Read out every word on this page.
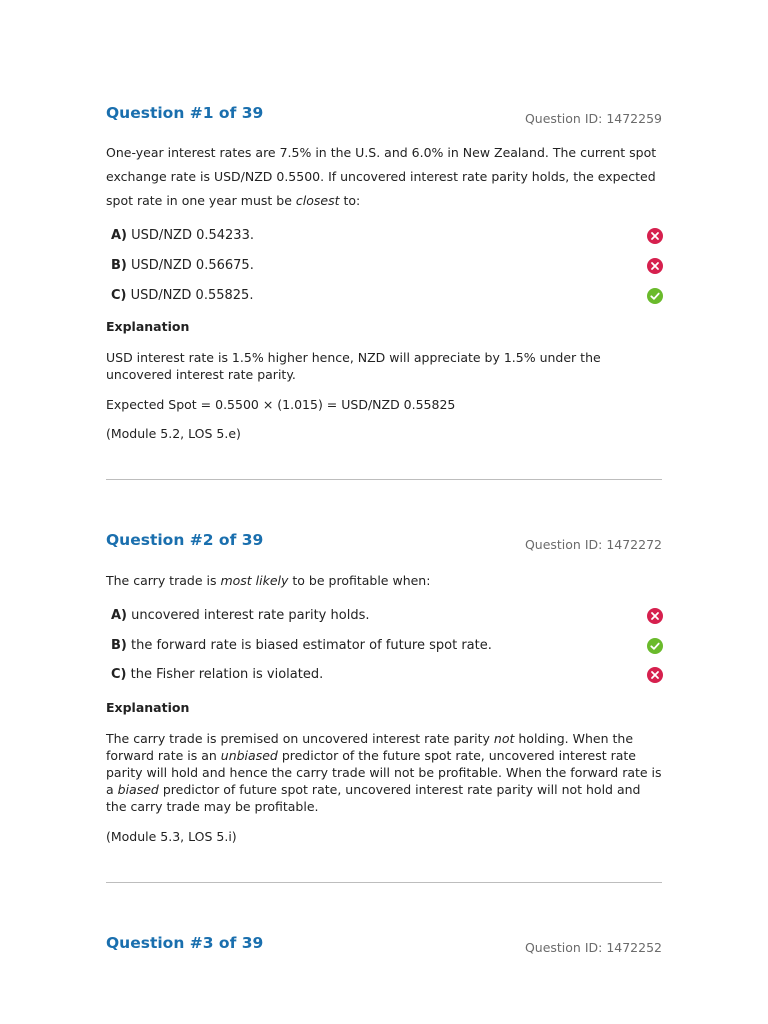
Question #1 of 39	Question ID: 1472259

One-year interest rates are 7.5% in the U.S. and 6.0% in New Zealand. The current spot exchange rate is USD/NZD 0.5500. If uncovered interest rate parity holds, the expected spot rate in one year must be closest to:

A) USD/NZD 0.54233.
B) USD/NZD 0.56675.
C) USD/NZD 0.55825.
Explanation

USD interest rate is 1.5% higher hence, NZD will appreciate by 1.5% under the uncovered interest rate parity.

Expected Spot = 0.5500 × (1.015) = USD/NZD 0.55825

(Module 5.2, LOS 5.e)

Question #2 of 39	Question ID: 1472272

The carry trade is most likely to be profitable when:

A) uncovered interest rate parity holds.
B) the forward rate is biased estimator of future spot rate.
C) the Fisher relation is violated.
Explanation

The carry trade is premised on uncovered interest rate parity not holding. When the forward rate is an unbiased predictor of the future spot rate, uncovered interest rate parity will hold and hence the carry trade will not be profitable. When the forward rate is a biased predictor of future spot rate, uncovered interest rate parity will not hold and the carry trade may be profitable.

(Module 5.3, LOS 5.i)

Question #3 of 39	Question ID: 1472252
